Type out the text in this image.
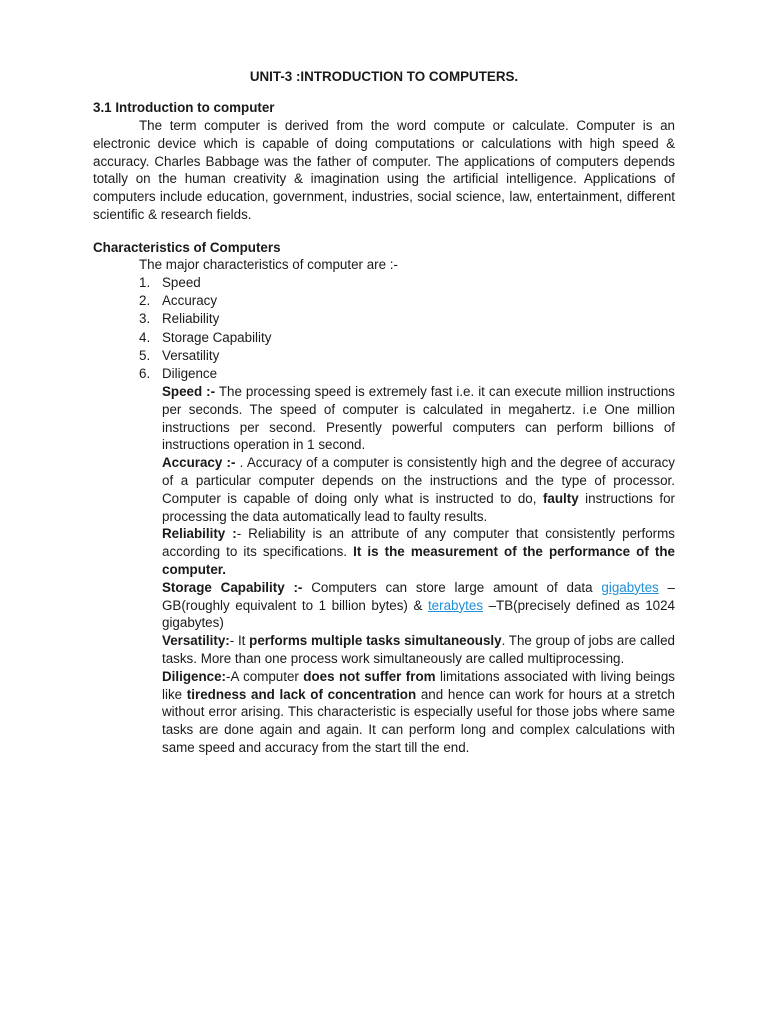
UNIT-3 :INTRODUCTION TO COMPUTERS.
3.1 Introduction to computer

The term computer is derived from the word compute or calculate. Computer is an electronic device which is capable of doing computations or calculations with high speed & accuracy. Charles Babbage was the father of computer. The applications of computers depends totally on the human creativity & imagination using the artificial intelligence. Applications of computers include education, government, industries, social science, law, entertainment, different scientific & research fields.

Characteristics of Computers
The major characteristics of computer are :-
1. Speed
2. Accuracy
3. Reliability
4. Storage Capability
5. Versatility
6. Diligence

Speed :- The processing speed is extremely fast i.e. it can execute million instructions per seconds. The speed of computer is calculated in megahertz. i.e One million instructions per second. Presently powerful computers can perform billions of instructions operation in 1 second.

Accuracy :- . Accuracy of a computer is consistently high and the degree of accuracy of a particular computer depends on the instructions and the type of processor. Computer is capable of doing only what is instructed to do, faulty instructions for processing the data automatically lead to faulty results.

Reliability :- Reliability is an attribute of any computer that consistently performs according to its specifications. It is the measurement of the performance of the computer.

Storage Capability :- Computers can store large amount of data gigabytes – GB(roughly equivalent to 1 billion bytes) & terabytes –TB(precisely defined as 1024 gigabytes)

Versatility:- It performs multiple tasks simultaneously. The group of jobs are called tasks. More than one process work simultaneously are called multiprocessing.

Diligence:-A computer does not suffer from limitations associated with living beings like tiredness and lack of concentration and hence can work for hours at a stretch without error arising. This characteristic is especially useful for those jobs where same tasks are done again and again. It can perform long and complex calculations with same speed and accuracy from the start till the end.
